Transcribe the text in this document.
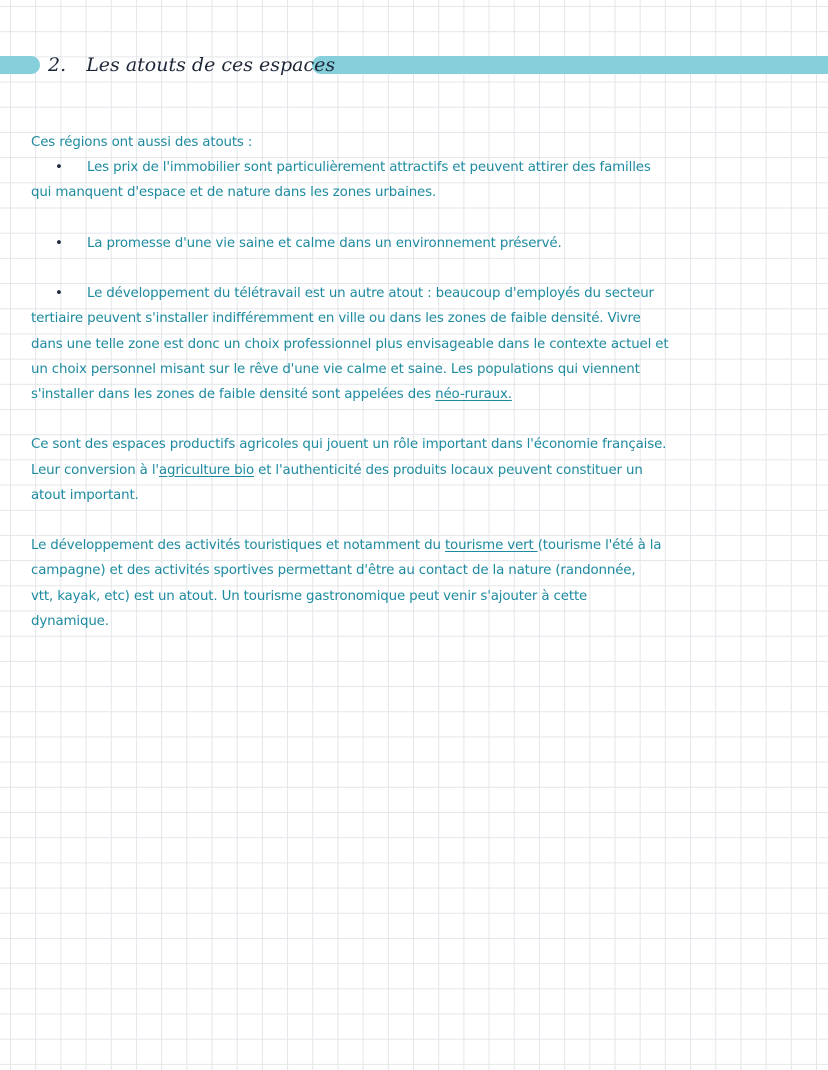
2. Les atouts de ces espaces

Ces régions ont aussi des atouts :

• Les prix de l'immobilier sont particulièrement attractifs et peuvent attirer des familles
qui manquent d'espace et de nature dans les zones urbaines.
• La promesse d'une vie saine et calme dans un environnement préservé.
• Le développement du télétravail est un autre atout : beaucoup d'employés du secteur
tertiaire peuvent s'installer indifféremment en ville ou dans les zones de faible densité. Vivre
dans une telle zone est donc un choix professionnel plus envisageable dans le contexte actuel et
un choix personnel misant sur le rêve d'une vie calme et saine. Les populations qui viennent
s'installer dans les zones de faible densité sont appelées des néo-ruraux.
Ce sont des espaces productifs agricoles qui jouent un rôle important dans l'économie française.
Leur conversion à l'agriculture bio et l'authenticité des produits locaux peuvent constituer un
atout important.
Le développement des activités touristiques et notamment du tourisme vert (tourisme l'été à la
campagne) et des activités sportives permettant d'être au contact de la nature (randonnée,
vtt, kayak, etc) est un atout. Un tourisme gastronomique peut venir s'ajouter à cette
dynamique.
